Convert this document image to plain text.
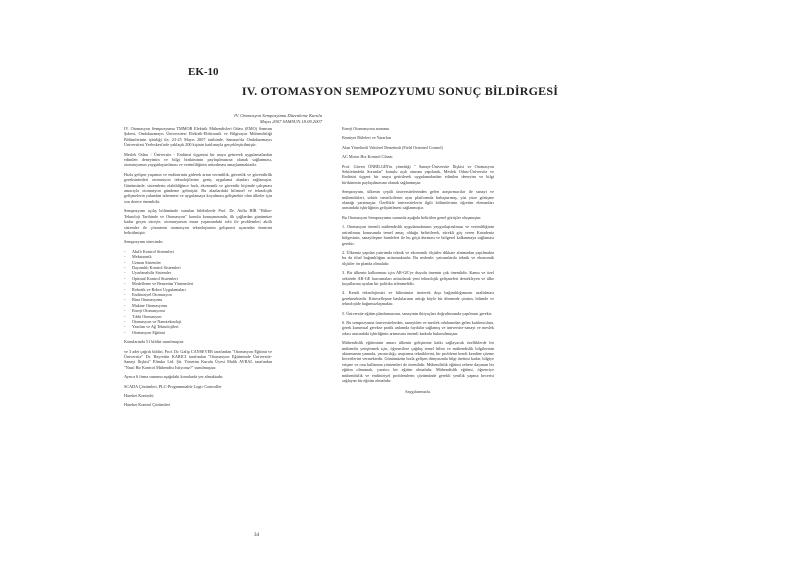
EK-10
IV. OTOMASYON SEMPOZYUMU SONUÇ BİLDİRGESİ
IV. Otomasyon Sempozyumu Düzenleme Kurulu
Mayıs 2007 SAMSUN.18.09.2007

IV. Otomasyon Sempozyumu TMMOB Elektrik Mühendisleri Odası (EMO) Samsun Şubesi, Ondokuzmayıs Üniversitesi Elektrik-Elektronik ve Bilgisayar Mühendisliği Bölümlerinin işbirliği ile, 23-25 Mayıs 2007 tarihinde, Samsun'da Ondokuzmayıs Üniversitesi Yerleskesi'nde yaklaşık 200 kişinin katılımıyla gerçekleştirilmiştir.

Meslek Odası - Üniversite - Endüstri üçgenini bir araya getirerek uygulamalardan edinilen deneyimin ve bilgi birikiminin paylaşılmasına olanak sağlanması, otomasyonun yaygınlaştırılması ve verimliliğinin arttırılması amaçlanmaktadır.

Hızla gelişen yaşamın ve endüstrinin giderek artan verimlilik, güvenlik ve güvenilirlik gereksinimleri otomasyon teknolojilerine geniş uygulama alanları sağlamıştır. Günümüzde, sistemlerin olabildiğince hızlı, ekonomik ve güvenilir biçimde çalışması amacıyla otomasyon gündeme gelmiştir. Bu alanlardaki bilimsel ve teknolojik gelişmelerin yakından izlenmesi ve uygulamaya koyulması gelişmekte olan ülkeler için son derece önemlidir.

Sempozyum açılış bölümünde sunulan bildirilerde Prof. Dr. Atilla BİR "Bilim-Teknoloji Tarihinde ve Otomasyon" konulu konuşmasında, ilk çağlardan günümüze kadar geçen süreçte, otomasyonun insan yaşamındaki rolü ile problemleri akıllı sistemler ile çözmenin otomasyon teknolojisinin gelişmesi açısından önemini belirtilmiştir.

Sempozyum sürecinde;

- Akıllı Kontrol Sistemleri
- Mekatronik
- Uzman Sistemler
- Dayanıklı Kontrol Sistemleri
- Uyarlanabilir Sistemler
- Optimal Kontrol Sistemleri
- Modelleme ve Benzetim Yöntemleri
- Robotik ve Robot Uygulamaları
- Endüstriyel Otomasyon
- Bina Otomasyonu
- Makine Otomasyonu
- Enerji Otomasyonu
- Tıbbi Otomasyon
- Otomasyon ve Nanoteknoloji
- Yazılım ve Ağ Teknolojileri
- Otomasyon Eğitimi

Konularında 51 bildiri sunulmuştur.

ve 3 adet çağrılı bildiri, Prof. Dr. Galip CANSEVER tarafından "Otomasyon Eğitimi ve Üniversite" Dr. Hayrettin KARICI tarafından "Otomasyon Eğitiminde Üniversite-Sanayi İlişkisi" Elimko Ltd. Şti. Yönetim Kurulu Üyesi Malik AVBAL tarafından "Nasıl Bir Kontrol Mühendisi İstiyoruz?" sunulmuştur.

Ayrıca 6 firma sunumu aşağıdaki konularda yer almaktadır.

SCADA Çözümleri, PLC-Programmable Logic Controller

Hareket Kontrolü

Hareket Kontrol Çözümleri

Enerji Otomasyonu sunumu

Emniyet Röleleri ve Yararları

Alan Yönelimli Vektörel Denetimli (Field Oriented Control)

AC Motor Hız Kontrol Cihazı

Prof. Güven ÖNBİLGİN'in yönettiği " Sanayi-Üniversite İlişkisi ve Otomasyon Sektöründeki Sorunlar" konulu açık oturum yapılarak, Meslek Odası-Üniversite ve Endüstri üçgeni bir araya getirilerek uygulamalardan edinilen deneyim ve bilgi birikiminin paylaşılmasına olanak sağlanmıştır.

Sempozyum, ülkenin çeşitli üniversitelerinden gelen araştırmacılar ile sanayi ve mühendisleri, sektör temsilcilerini aynı platformda buluşturmuş, yüz yüze görüşme olanağı yaratmıştır. Özellikle üniversitelerin ilgili bölümlerinin öğretim elemanları arasındaki işbirliğinin geliştirilmesi sağlanmıştır.

Bu Otomasyon Sempozyumu sonunda aşağıda belirtilen genel görüşler oluşmuştur.

1. Otomasyon önemli mühendislik uygulamalarının yaygınlaştırılması ve verimliliğinin arttırılması konusunda temel amaç olduğu belirtilerek, sürekli göç veren Karadeniz bölgesinin, sanayileşme hamleleri ile bu göçü durması ve bölgesel kalkınmaya sağlaması gerekir.

2. Ülkemiz yapılan yatırımda teknik ve ekonomik ölçütler dikkate alınmadan yapılmakta bu da ithal bağımlılığını arttırmaktadır. Bu nedenle; yatırımlarda teknik ve ekonomik ölçütler ön planda olmalıdır.

3. Bir ülkenin kalkınması için AR-GE'ye duyulu önemin çok önemlidir. Kamu ve özel sektörde AR-GE harcamaları arttırılarak yeni teknolojik gelişmeleri destekleyen ve ülke koşullarına uyulan bir politika izlenmelidir.

4. Kendi teknolojimizi ve bilimimizi üreterek dışa bağımlılığımızın azaltılması gerekmektedir. Küreselleşme baskılarının arttığı böyle bir dönemde çözüm, bilimde ve teknolojide bağımsızlaşmaktır.

5. Üniversite eğitim planlamasının, sanayinin ihtiyaçları doğrultusunda yapılması gerekir.

6. Bu sempozyuma üniversitelerden, sanayiden ve meslek odalarından gelen katılımcılara, gerek kurumsal gerekse pratik anlamda faydalar sağlamış ve üniversite-sanayi ve meslek odası arasındaki işbirliğinin artmasına önemli katkıda bulunulmuştur.

Mühendislik eğitiminin amacı ülkenin gelişimine katkı sağlayacak özelliklerde bir mühendis yetiştirmek için, öğrencilere çağdaş temel bilim ve mühendislik bilgilerinin aktarmanın yanında, yaratıcılığı, araştırma tekniklerini, bir problemi kendi kendine çözme becerilerini vermektedir. Günümüzün hızla gelişen dünyasında bilgi üretimi kadar, bilgiye erişme ve onu kullanma yöntemleri de önemlidir. Mühendislik eğitimi zehere dayanan bir eğitim olmamalı, yaratıcı bir eğitim olmalıdır. Mühendislik eğitimi, öğrenciye mühendislik ve endüstriyel problemlerin çözümünde gerekli yenilik yapma becerisi sağlayan bir eğitim olmalıdır.

Saygılarımızla.
34
